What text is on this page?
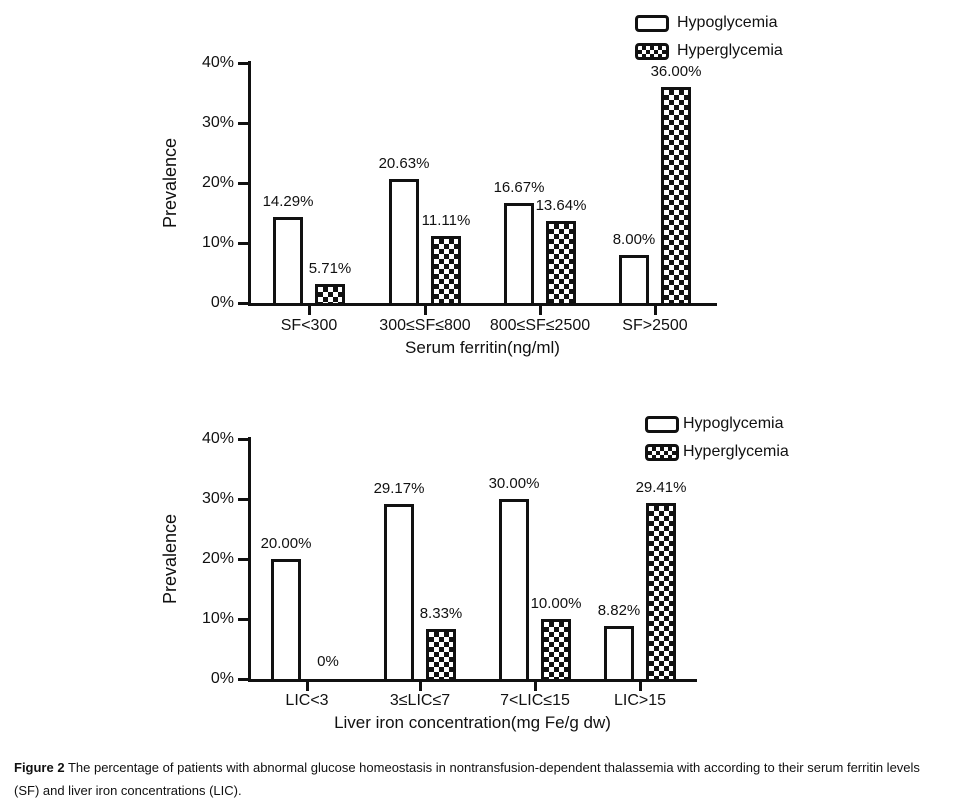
0%
10%
20%
30%
40%
Prevalence
SF<300
14.29%
5.71%
300≤SF≤800
20.63%
11.11%
800≤SF≤2500
16.67%
13.64%
SF>2500
8.00%
36.00%
Serum ferritin(ng/ml)
Hypoglycemia
Hyperglycemia
0%
10%
20%
30%
40%
Prevalence
LIC<3
20.00%
0%
3≤LIC≤7
29.17%
8.33%
7<LIC≤15
30.00%
10.00%
LIC>15
8.82%
29.41%
Liver iron concentration(mg Fe/g dw)
Hypoglycemia
Hyperglycemia
Figure 2 The percentage of patients with abnormal glucose homeostasis in nontransfusion-dependent thalassemia with according to their serum ferritin levels (SF) and liver iron concentrations (LIC).
